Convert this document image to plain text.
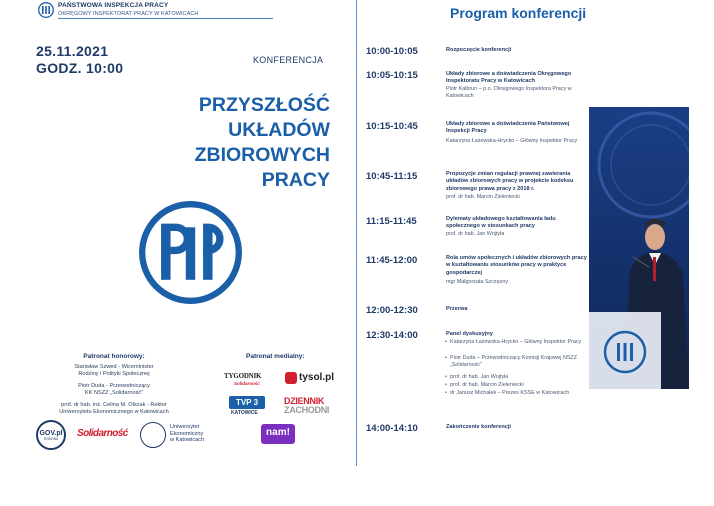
PAŃSTWOWA INSPEKCJA PRACY
OKRĘGOWY INSPEKTORAT PRACY W KATOWICACH
25.11.2021
GODZ. 10:00	KONFERENCJA
PRZYSZŁOŚĆ
UKŁADÓW
ZBIOROWYCH
PRACY
Patronat honorowy:
Stanisław Szwed - Wiceminister
Rodziny i Polityki Społecznej
Piotr Duda - Przewodniczący
KK NSZZ „Solidarność”
prof. dr hab. inż. Celina M. Olszak - Rektor
Uniwersytetu Ekonomicznego w Katowicach
Patronat medialny:
GOV.pl
RODZINA Solidarność
Uniwersytet
Ekonomiczny
w Katowicach
TYGODNIK
Solidarność
tysol.pl
TVP 3
KATOWICE
DZIENNIK
ZACHODNI
nam!
Program konferencji
10:00-10:05	Rozpoczęcie konferencji
10:05-10:15	Układy zbiorowe a doświadczenia Okręgowego Inspektoratu Pracy w Katowicach
Piotr Kalbrun – p.o. Okręgowego Inspektora Pracy w Katowicach
10:15-10:45	Układy zbiorowe a doświadczenia Państwowej Inspekcji Pracy
Katarzyna Łażewska-Hrycko – Główny Inspektor Pracy
10:45-11:15	Propozycje zmian regulacji prawnej zawierania układów zbiorowych pracy w projekcie kodeksu zbiorowego prawa pracy z 2018 r.
prof. dr hab. Marcin Zieleniecki
11:15-11:45	Dylematy układowego kształtowania ładu społecznego w stosunkach pracy
prof. dr hab. Jan Wojtyła
11:45-12:00	Rola umów społecznych i układów zbiorowych pracy w kształtowaniu stosunków pracy w praktyce gospodarczej
mgr Małgorzata Szczęsny
12:00-12:30	Przerwa
12:30-14:00	Panel dyskusyjny
• Katarzyna Łażewska-Hrycko – Główny Inspektor Pracy
• Piotr Duda – Przewodniczący Komisji Krajowej NSZZ „Solidarność”
• prof. dr hab. Jan Wojtyła
• prof. dr hab. Marcin Zieleniecki
• dr Janusz Michałek – Prezes KSSE w Katowicach
14:00-14:10	Zakończenie konferencji
